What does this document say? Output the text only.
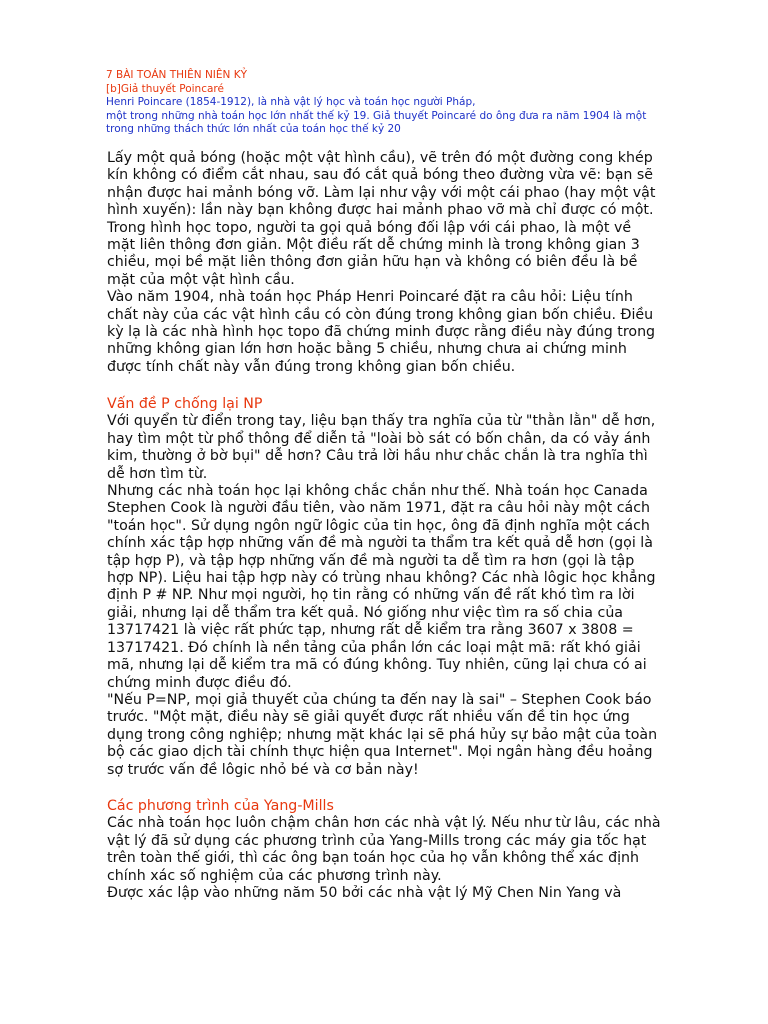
7 BÀI TOÁN THIÊN NIÊN KỶ
[b]Giả thuyết Poincaré
Henri Poincare (1854-1912), là nhà vật lý học và toán học người Pháp,
một trong những nhà toán học lớn nhất thế kỷ 19. Giả thuyết Poincaré do ông đưa ra năm 1904 là một
trong những thách thức lớn nhất của toán học thế kỷ 20

Lấy một quả bóng (hoặc một vật hình cầu), vẽ trên đó một đường cong khép
kín không có điểm cắt nhau, sau đó cắt quả bóng theo đường vừa vẽ: bạn sẽ
nhận được hai mảnh bóng vỡ. Làm lại như vậy với một cái phao (hay một vật
hình xuyến): lần này bạn không được hai mảnh phao vỡ mà chỉ được có một.
Trong hình học topo, người ta gọi quả bóng đối lập với cái phao, là một về
mặt liên thông đơn giản. Một điều rất dễ chứng minh là trong không gian 3
chiều, mọi bề mặt liên thông đơn giản hữu hạn và không có biên đều là bề
mặt của một vật hình cầu.

Vào năm 1904, nhà toán học Pháp Henri Poincaré đặt ra câu hỏi: Liệu tính
chất này của các vật hình cầu có còn đúng trong không gian bốn chiều. Điều
kỳ lạ là các nhà hình học topo đã chứng minh được rằng điều này đúng trong
những không gian lớn hơn hoặc bằng 5 chiều, nhưng chưa ai chứng minh
được tính chất này vẫn đúng trong không gian bốn chiều.

Vấn đề P chống lại NP

Với quyển từ điển trong tay, liệu bạn thấy tra nghĩa của từ "thằn lằn" dễ hơn,
hay tìm một từ phổ thông để diễn tả "loài bò sát có bốn chân, da có vảy ánh
kim, thường ở bờ bụi" dễ hơn? Câu trả lời hầu như chắc chắn là tra nghĩa thì
dễ hơn tìm từ.

Nhưng các nhà toán học lại không chắc chắn như thế. Nhà toán học Canada
Stephen Cook là người đầu tiên, vào năm 1971, đặt ra câu hỏi này một cách
"toán học". Sử dụng ngôn ngữ lôgic của tin học, ông đã định nghĩa một cách
chính xác tập hợp những vấn đề mà người ta thẩm tra kết quả dễ hơn (gọi là
tập hợp P), và tập hợp những vấn đề mà người ta dễ tìm ra hơn (gọi là tập
hợp NP). Liệu hai tập hợp này có trùng nhau không? Các nhà lôgic học khẳng
định P # NP. Như mọi người, họ tin rằng có những vấn đề rất khó tìm ra lời
giải, nhưng lại dễ thẩm tra kết quả. Nó giống như việc tìm ra số chia của
13717421 là việc rất phức tạp, nhưng rất dễ kiểm tra rằng 3607 x 3808 =
13717421. Đó chính là nền tảng của phần lớn các loại mật mã: rất khó giải
mã, nhưng lại dễ kiểm tra mã có đúng không. Tuy nhiên, cũng lại chưa có ai
chứng minh được điều đó.

"Nếu P=NP, mọi giả thuyết của chúng ta đến nay là sai" – Stephen Cook báo
trước. "Một mặt, điều này sẽ giải quyết được rất nhiều vấn đề tin học ứng
dụng trong công nghiệp; nhưng mặt khác lại sẽ phá hủy sự bảo mật của toàn
bộ các giao dịch tài chính thực hiện qua Internet". Mọi ngân hàng đều hoảng
sợ trước vấn đề lôgic nhỏ bé và cơ bản này!

Các phương trình của Yang-Mills

Các nhà toán học luôn chậm chân hơn các nhà vật lý. Nếu như từ lâu, các nhà
vật lý đã sử dụng các phương trình của Yang-Mills trong các máy gia tốc hạt
trên toàn thế giới, thì các ông bạn toán học của họ vẫn không thể xác định
chính xác số nghiệm của các phương trình này.

Được xác lập vào những năm 50 bởi các nhà vật lý Mỹ Chen Nin Yang và
